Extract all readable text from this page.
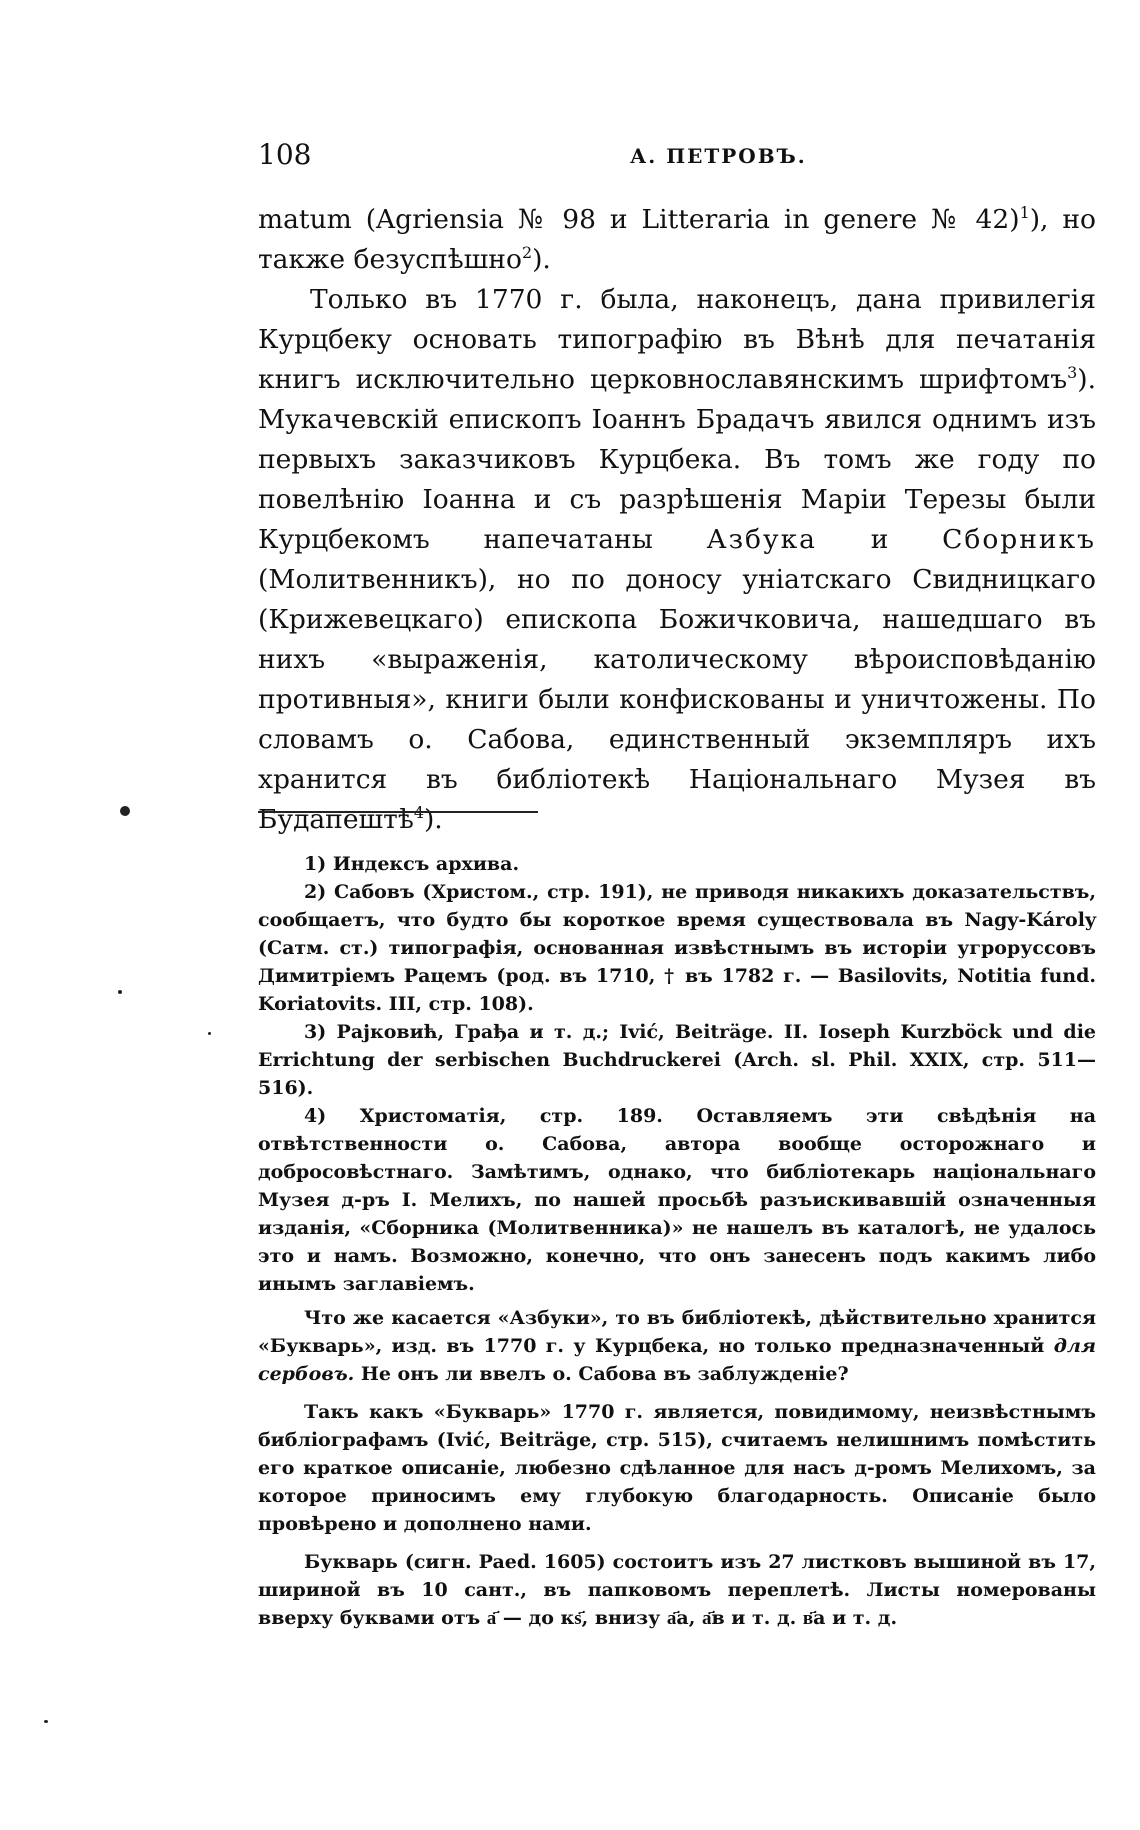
108	А. ПЕТРОВЪ.

matum (Agriensia № 98 и Litteraria in genere № 42)$^1$), но также безуспѣшно$^2$).

Только въ 1770 г. была, наконецъ, дана привилегія Курцбеку основать типографію въ Вѣнѣ для печатанія книгъ исключительно церковнославянскимъ шрифтомъ$^3$). Мукачевскій епископъ Іоаннъ Брадачъ явился однимъ изъ первыхъ заказчиковъ Курцбека. Въ томъ же году по повелѣнію Іоанна и съ разрѣшенія Маріи Терезы были Курцбекомъ напечатаны Азбука и Сборникъ (Молитвенникъ), но по доносу уніатскаго Свидницкаго (Крижевецкаго) епископа Божичковича, нашедшаго въ нихъ «выраженія, католическому вѣроисповѣданію противныя», книги были конфискованы и уничтожены. По словамъ о. Сабова, единственный экземпляръ ихъ хранится въ библіотекѣ Національнаго Музея въ Будапештѣ$^4$).

1) Индексъ архива.

2) Сабовъ (Христом., стр. 191), не приводя никакихъ доказательствъ, сообщаетъ, что будто бы короткое время существовала въ Nagy-Károly (Сатм. ст.) типографія, основанная извѣстнымъ въ исторіи угроруссовъ Димитріемъ Рацемъ (род. въ 1710, † въ 1782 г. — Basilovits, Notitia fund. Koriatovits. III, стр. 108).

3) Рајковић, Грађа и т. д.; Ivić, Beiträge. II. Ioseph Kurzböck und die Errichtung der serbischen Buchdruckerei (Arch. sl. Phil. XXIX, стр. 511—516).

4) Христоматія, стр. 189. Оставляемъ эти свѣдѣнія на отвѣтственности о. Сабова, автора вообще осторожнаго и добросовѣстнаго. Замѣтимъ, однако, что библіотекарь національнаго Музея д-ръ I. Мелихъ, по нашей просьбѣ разъискивавшій означенныя изданія, «Сборника (Молитвенника)» не нашелъ въ каталогѣ, не удалось это и намъ. Возможно, конечно, что онъ занесенъ подъ какимъ либо инымъ заглавіемъ.

Что же касается «Азбуки», то въ библіотекѣ, дѣйствительно хранится «Букварь», изд. въ 1770 г. у Курцбека, но только предназначенный для сербовъ. Не онъ ли ввелъ о. Сабова въ заблужденіе?

Такъ какъ «Букварь» 1770 г. является, повидимому, неизвѣстнымъ библіографамъ (Ivić, Beiträge, стр. 515), считаемъ нелишнимъ помѣстить его краткое описаніе, любезно сдѣланное для насъ д-ромъ Мелихомъ, за которое приносимъ ему глубокую благодарность. Описаніе было провѣрено и дополнено нами.

Букварь (сигн. Paed. 1605) состоитъ изъ 27 листковъ вышиной въ 17, шириной въ 10 сант., въ папковомъ переплетѣ. Листы номерованы вверху буквами отъ а҃ — до кѕ҃, внизу а҃а, а҃в и т. д. в҃а и т. д.
